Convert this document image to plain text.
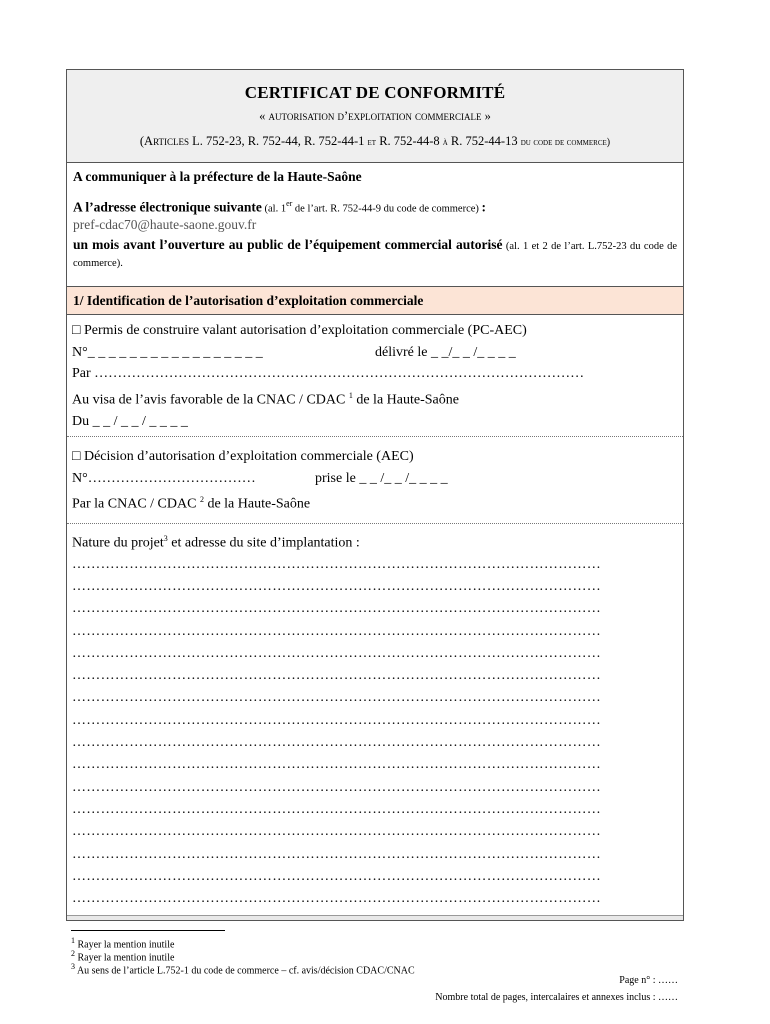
CERTIFICAT DE CONFORMITÉ
« autorisation d’exploitation commerciale »
(Articles L. 752-23, R. 752-44, R. 752-44-1 et R. 752-44-8 à R. 752-44-13 du code de commerce)
A communiquer à la préfecture de la Haute-Saône
A l’adresse électronique suivante (al. 1er de l’art. R. 752-44-9 du code de commerce) :
pref-cdac70@haute-saone.gouv.fr
un mois avant l’ouverture au public de l’équipement commercial autorisé (al. 1 et 2 de l’art. L.752-23 du code de commerce).
1/ Identification de l’autorisation d’exploitation commerciale
□ Permis de construire valant autorisation d’exploitation commerciale (PC-AEC)
N°_ _ _ _ _ _ _ _ _ _ _ _ _ _ _ _ _	délivré le _ _/_ _ /_ _ _ _
Par ……………………………………………………………………………………………
Au visa de l’avis favorable de la CNAC / CDAC $^1$ de la Haute-Saône
Du _ _ / _ _ / _ _ _ _
□ Décision d’autorisation d’exploitation commerciale (AEC)
N°………………………………	prise le _ _ /_ _ /_ _ _ _
Par la CNAC / CDAC $^2$ de la Haute-Saône
Nature du projet$^3$ et adresse du site d’implantation :
…………………………………………………………………………………………………
…………………………………………………………………………………………………
…………………………………………………………………………………………………
…………………………………………………………………………………………………
…………………………………………………………………………………………………
…………………………………………………………………………………………………
…………………………………………………………………………………………………
…………………………………………………………………………………………………
…………………………………………………………………………………………………
…………………………………………………………………………………………………
…………………………………………………………………………………………………
…………………………………………………………………………………………………
…………………………………………………………………………………………………
…………………………………………………………………………………………………
…………………………………………………………………………………………………
…………………………………………………………………………………………………
$^1$ Rayer la mention inutile
$^2$ Rayer la mention inutile
$^3$ Au sens de l’article L.752-1 du code de commerce – cf. avis/décision CDAC/CNAC
Page n° : ……
Nombre total de pages, intercalaires et annexes inclus : ……
